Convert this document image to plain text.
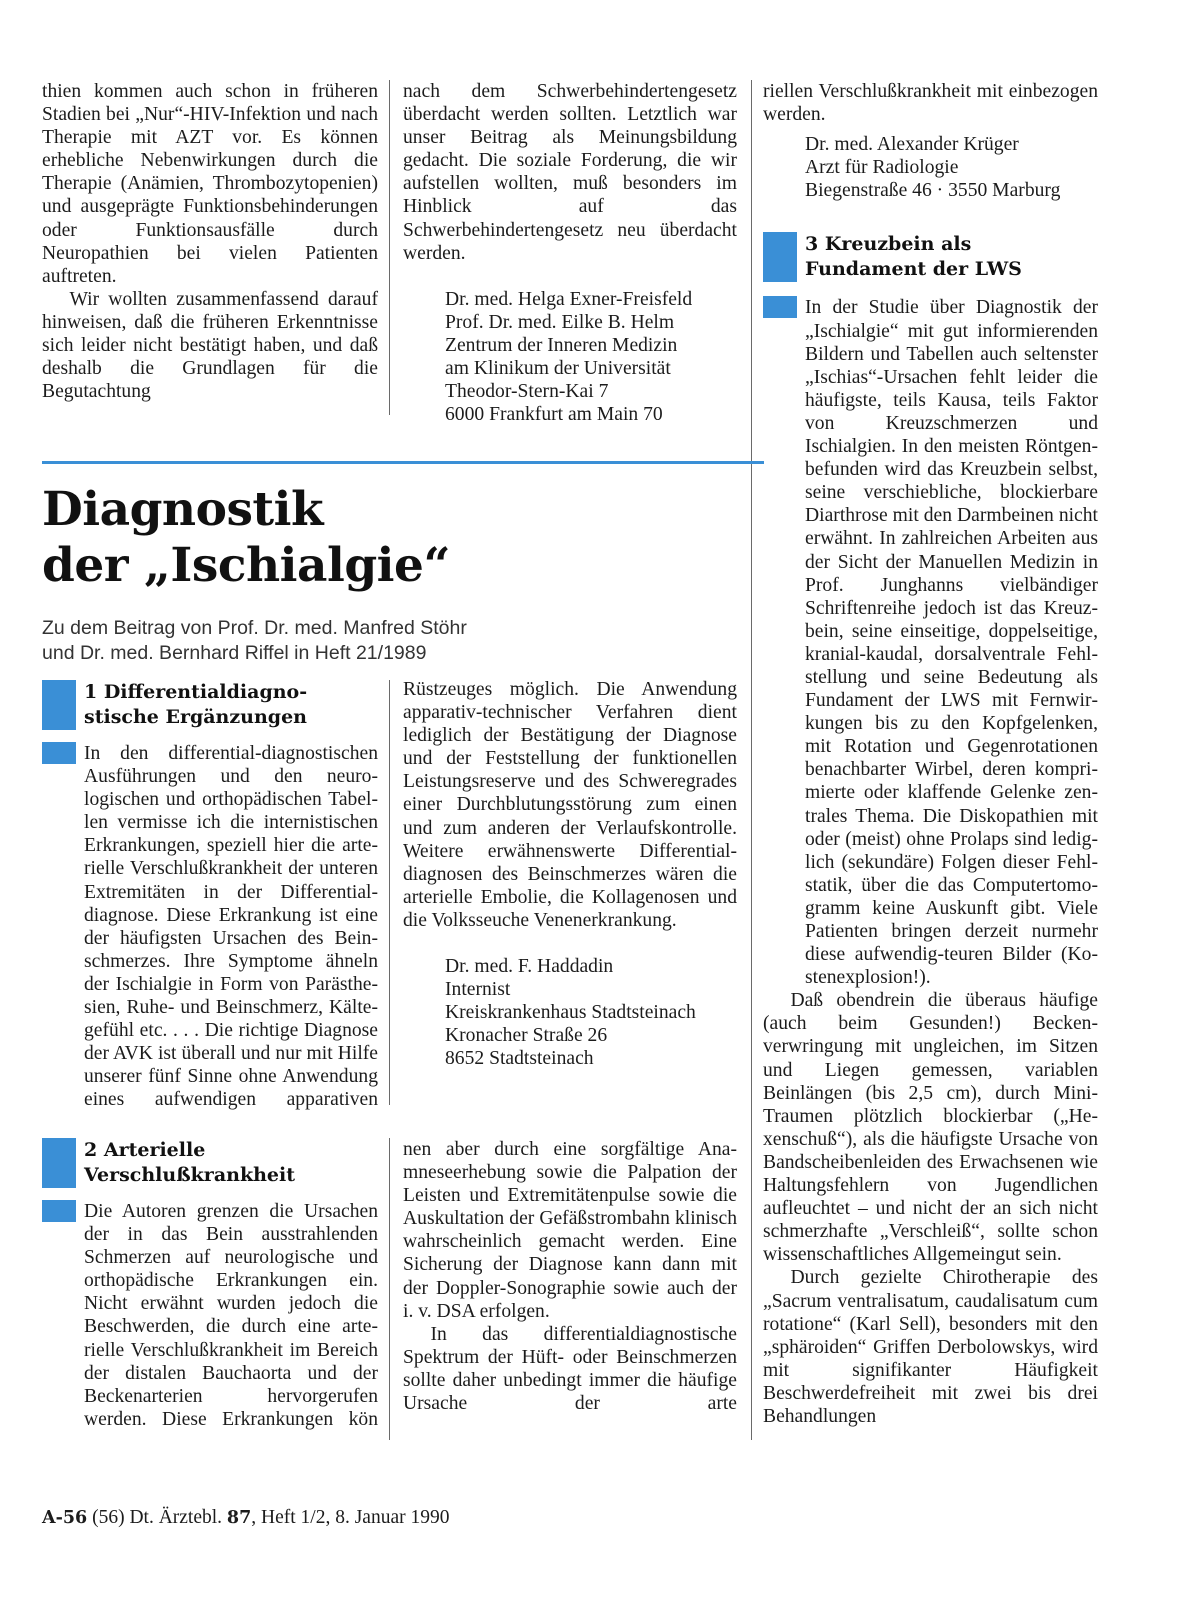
thien kommen auch schon in früheren Stadien bei „Nur“-HIV-Infektion und nach Therapie mit AZT vor. Es können erhebliche Nebenwirkungen durch die Therapie (Anämien, Thrombozytopenien) und ausgeprägte Funktionsbehinderungen oder Funktionsausfälle durch Neuropathien bei vielen Patienten auftreten.

Wir wollten zusammenfassend darauf hinweisen, daß die früheren Erkenntnisse sich leider nicht bestätigt haben, und daß deshalb die Grundlagen für die Begutachtung

nach dem Schwerbehindertengesetz überdacht werden sollten. Letztlich war unser Beitrag als Meinungsbildung gedacht. Die soziale Forderung, die wir aufstellen wollten, muß besonders im Hinblick auf das Schwerbehindertengesetz neu überdacht werden.

Dr. med. Helga Exner-Freisfeld
Prof. Dr. med. Eilke B. Helm
Zentrum der Inneren Medizin
am Klinikum der Universität
Theodor-Stern-Kai 7
6000 Frankfurt am Main 70

riellen Verschlußkrankheit mit einbezogen werden.

Dr. med. Alexander Krüger
Arzt für Radiologie
Biegenstraße 46 · 3550 Marburg
3 Kreuzbein als
Fundament der LWS

In der Studie über Diagnostik der „Ischialgie“ mit gut informierenden Bildern und Tabellen auch seltenster „Ischias“-Ursachen fehlt leider die häufigste, teils Kausa, teils Faktor von Kreuzschmerzen und Ischialgien. In den meisten Röntgenbefunden wird das Kreuzbein selbst, seine verschiebliche, blockierbare Diarthrose mit den Darmbeinen nicht erwähnt. In zahlreichen Arbeiten aus der Sicht der Manuellen Medizin in Prof. Junghanns vielbändiger Schriftenreihe jedoch ist das Kreuzbein, seine einseitige, doppelseitige, kranial-kaudal, dorsalventrale Fehlstellung und seine Bedeutung als Fundament der LWS mit Fernwirkungen bis zu den Kopfgelenken, mit Rotation und Gegenrotationen benachbarter Wirbel, deren komprimierte oder klaffende Gelenke zentrales Thema. Die Diskopathien mit oder (meist) ohne Prolaps sind lediglich (sekundäre) Folgen dieser Fehlstatik, über die das Computertomogramm keine Auskunft gibt. Viele Patienten bringen derzeit nurmehr diese aufwendig-teuren Bilder (Kostenexplosion!).

Daß obendrein die überaus häufige (auch beim Gesunden!) Beckenverwringung mit ungleichen, im Sitzen und Liegen gemessen, variablen Beinlängen (bis 2,5 cm), durch MiniTraumen plötzlich blockierbar („Hexenschuß“), als die häufigste Ursache von Bandscheibenleiden des Erwachsenen wie Haltungsfehlern von Jugendlichen aufleuchtet – und nicht der an sich nicht schmerzhafte „Verschleiß“, sollte schon wissenschaftliches Allgemeingut sein.

Durch gezielte Chirotherapie des „Sacrum ventralisatum, caudalisatum cum rotatione“ (Karl Sell), besonders mit den „sphäroiden“ Griffen Derbolowskys, wird mit signifikanter Häufigkeit Beschwerdefreiheit mit zwei bis drei Behandlungen

Diagnostik
der „Ischialgie“
Zu dem Beitrag von Prof. Dr. med. Manfred Stöhr
und Dr. med. Bernhard Riffel in Heft 21/1989
1 Differentialdiagno-
stische Ergänzungen

In den differential-diagnostischen Ausführungen und den neurologischen und orthopädischen Tabellen vermisse ich die internistischen Erkrankungen, speziell hier die arterielle Verschlußkrankheit der unteren Extremitäten in der Differentialdiagnose. Diese Erkrankung ist eine der häufigsten Ursachen des Beinschmerzes. Ihre Symptome ähneln der Ischialgie in Form von Parästhesien, Ruhe- und Beinschmerz, Kältegefühl etc. . . . Die richtige Diagnose der AVK ist überall und nur mit Hilfe unserer fünf Sinne ohne Anwendung eines aufwendigen apparativen

Rüstzeuges möglich. Die Anwendung apparativ-technischer Verfahren dient lediglich der Bestätigung der Diagnose und der Feststellung der funktionellen Leistungsreserve und des Schweregrades einer Durchblutungsstörung zum einen und zum anderen der Verlaufskontrolle. Weitere erwähnenswerte Differentialdiagnosen des Beinschmerzes wären die arterielle Embolie, die Kollagenosen und die Volksseuche Venenerkrankung.

Dr. med. F. Haddadin
Internist
Kreiskrankenhaus Stadtsteinach
Kronacher Straße 26
8652 Stadtsteinach
2 Arterielle
Verschlußkrankheit

Die Autoren grenzen die Ursachen der in das Bein ausstrahlenden Schmerzen auf neurologische und orthopädische Erkrankungen ein. Nicht erwähnt wurden jedoch die Beschwerden, die durch eine arterielle Verschlußkrankheit im Bereich der distalen Bauchaorta und der Beckenarterien hervorgerufen werden. Diese Erkrankungen kön

nen aber durch eine sorgfältige Anamneseerhebung sowie die Palpation der Leisten und Extremitätenpulse sowie die Auskultation der Gefäßstrombahn klinisch wahrscheinlich gemacht werden. Eine Sicherung der Diagnose kann dann mit der Doppler-Sonographie sowie auch der i. v. DSA erfolgen.

In das differentialdiagnostische Spektrum der Hüft- oder Beinschmerzen sollte daher unbedingt immer die häufige Ursache der arte

A-56 (56) Dt. Ärztebl. 87, Heft 1/2, 8. Januar 1990
